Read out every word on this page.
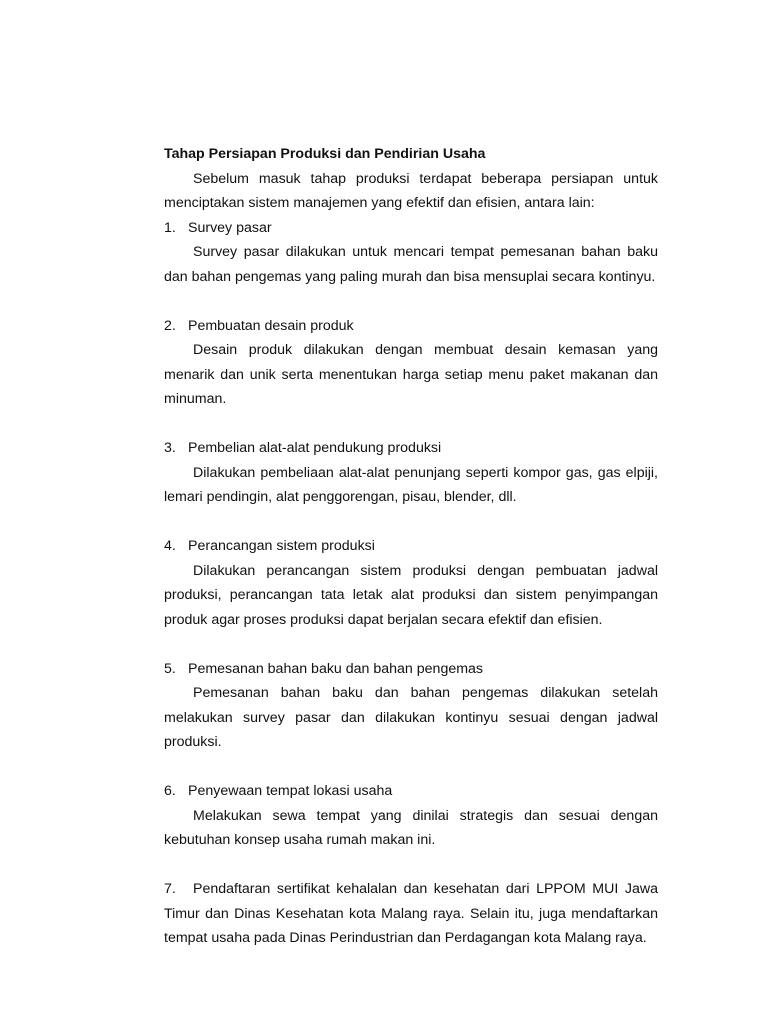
Tahap Persiapan Produksi dan Pendirian Usaha

Sebelum masuk tahap produksi terdapat beberapa persiapan untuk menciptakan sistem manajemen yang efektif dan efisien, antara lain:

1. Survey pasar

Survey pasar dilakukan untuk mencari tempat pemesanan bahan baku dan bahan pengemas yang paling murah dan bisa mensuplai secara kontinyu.

2. Pembuatan desain produk

Desain produk dilakukan dengan membuat desain kemasan yang menarik dan unik serta menentukan harga setiap menu paket makanan dan minuman.

3. Pembelian alat-alat pendukung produksi

Dilakukan pembeliaan alat-alat penunjang seperti kompor gas, gas elpiji, lemari pendingin, alat penggorengan, pisau, blender, dll.

4. Perancangan sistem produksi

Dilakukan perancangan sistem produksi dengan pembuatan jadwal produksi, perancangan tata letak alat produksi dan sistem penyimpangan produk agar proses produksi dapat berjalan secara efektif dan efisien.

5. Pemesanan bahan baku dan bahan pengemas

Pemesanan bahan baku dan bahan pengemas dilakukan setelah melakukan survey pasar dan dilakukan kontinyu sesuai dengan jadwal produksi.

6. Penyewaan tempat lokasi usaha

Melakukan sewa tempat yang dinilai strategis dan sesuai dengan kebutuhan konsep usaha rumah makan ini.

7. Pendaftaran sertifikat kehalalan dan kesehatan dari LPPOM MUI Jawa Timur dan Dinas Kesehatan kota Malang raya. Selain itu, juga mendaftarkan tempat usaha pada Dinas Perindustrian dan Perdagangan kota Malang raya.
